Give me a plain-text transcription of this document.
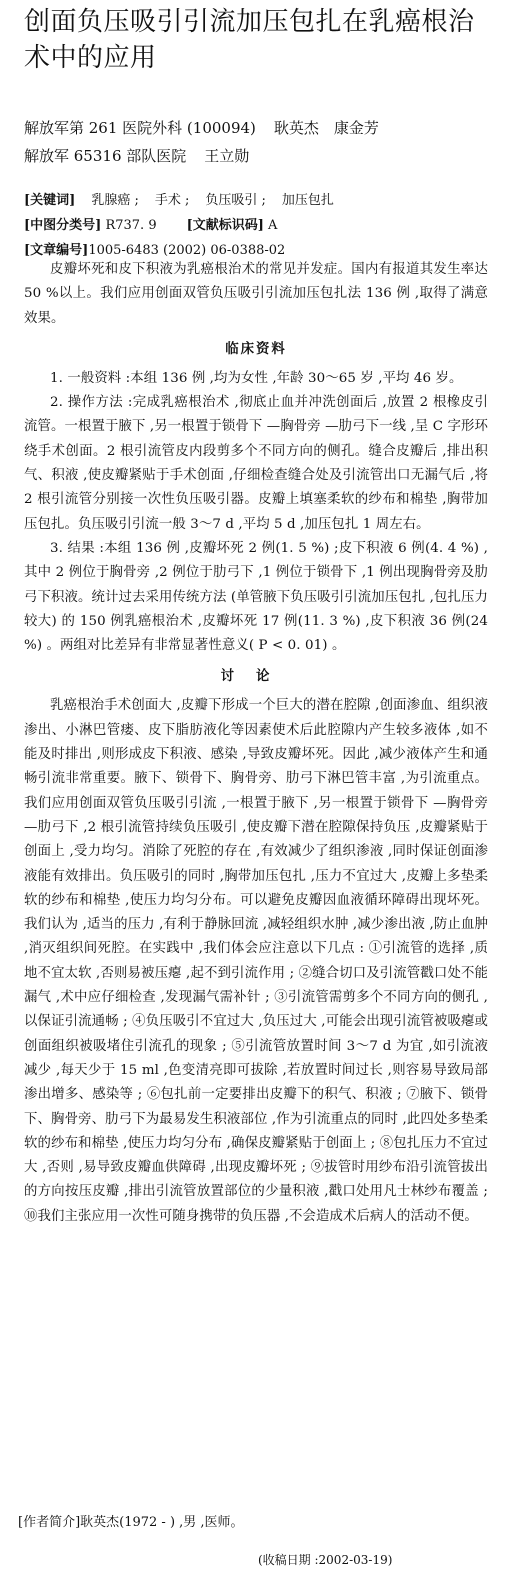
创面负压吸引引流加压包扎在乳癌根治术中的应用
解放军第 261 医院外科 (100094) 耿英杰　康金芳
解放军 65316 部队医院 王立勋
[关键词] 乳腺癌 ; 手术 ; 负压吸引 ; 加压包扎
[中图分类号] R737. 9 [文献标识码] A
[文章编号]1005-6483 (2002) 06-0388-02

皮瓣坏死和皮下积液为乳癌根治术的常见并发症。国内有报道其发生率达 50 %以上。我们应用创面双管负压吸引引流加压包扎法 136 例 ,取得了满意效果。

临床资料

1. 一般资料 :本组 136 例 ,均为女性 ,年龄 30～65 岁 ,平均 46 岁。

2. 操作方法 :完成乳癌根治术 ,彻底止血并冲洗创面后 ,放置 2 根橡皮引流管。一根置于腋下 ,另一根置于锁骨下 —胸骨旁 —肋弓下一线 ,呈 C 字形环绕手术创面。2 根引流管皮内段剪多个不同方向的侧孔。缝合皮瓣后 ,排出积气、积液 ,使皮瓣紧贴于手术创面 ,仔细检查缝合处及引流管出口无漏气后 ,将 2 根引流管分别接一次性负压吸引器。皮瓣上填塞柔软的纱布和棉垫 ,胸带加压包扎。负压吸引引流一般 3～7 d ,平均 5 d ,加压包扎 1 周左右。

3. 结果 :本组 136 例 ,皮瓣坏死 2 例(1. 5 %) ;皮下积液 6 例(4. 4 %) ,其中 2 例位于胸骨旁 ,2 例位于肋弓下 ,1 例位于锁骨下 ,1 例出现胸骨旁及肋弓下积液。统计过去采用传统方法 (单管腋下负压吸引引流加压包扎 ,包扎压力较大) 的 150 例乳癌根治术 ,皮瓣坏死 17 例(11. 3 %) ,皮下积液 36 例(24 %) 。两组对比差异有非常显著性意义( P < 0. 01) 。

讨论

乳癌根治手术创面大 ,皮瓣下形成一个巨大的潜在腔隙 ,创面渗血、组织液渗出、小淋巴管瘘、皮下脂肪液化等因素使术后此腔隙内产生较多液体 ,如不能及时排出 ,则形成皮下积液、感染 ,导致皮瓣坏死。因此 ,减少液体产生和通畅引流非常重要。腋下、锁骨下、胸骨旁、肋弓下淋巴管丰富 ,为引流重点。我们应用创面双管负压吸引引流 ,一根置于腋下 ,另一根置于锁骨下 —胸骨旁 —肋弓下 ,2 根引流管持续负压吸引 ,使皮瓣下潜在腔隙保持负压 ,皮瓣紧贴于创面上 ,受力均匀。消除了死腔的存在 ,有效减少了组织渗液 ,同时保证创面渗液能有效排出。负压吸引的同时 ,胸带加压包扎 ,压力不宜过大 ,皮瓣上多垫柔软的纱布和棉垫 ,使压力均匀分布。可以避免皮瓣因血液循环障碍出现坏死。我们认为 ,适当的压力 ,有利于静脉回流 ,减轻组织水肿 ,减少渗出液 ,防止血肿 ,消灭组织间死腔。在实践中 ,我们体会应注意以下几点 : ①引流管的选择 ,质地不宜太软 ,否则易被压瘪 ,起不到引流作用 ; ②缝合切口及引流管戳口处不能漏气 ,术中应仔细检查 ,发现漏气需补针 ; ③引流管需剪多个不同方向的侧孔 ,以保证引流通畅 ; ④负压吸引不宜过大 ,负压过大 ,可能会出现引流管被吸瘪或创面组织被吸堵住引流孔的现象 ; ⑤引流管放置时间 3～7 d 为宜 ,如引流液减少 ,每天少于 15 ml ,色变清亮即可拔除 ,若放置时间过长 ,则容易导致局部渗出增多、感染等 ; ⑥包扎前一定要排出皮瓣下的积气、积液 ; ⑦腋下、锁骨下、胸骨旁、肋弓下为最易发生积液部位 ,作为引流重点的同时 ,此四处多垫柔软的纱布和棉垫 ,使压力均匀分布 ,确保皮瓣紧贴于创面上 ; ⑧包扎压力不宜过大 ,否则 ,易导致皮瓣血供障碍 ,出现皮瓣坏死 ; ⑨拔管时用纱布沿引流管拔出的方向按压皮瓣 ,排出引流管放置部位的少量积液 ,戳口处用凡士林纱布覆盖 ; ⑩我们主张应用一次性可随身携带的负压器 ,不会造成术后病人的活动不便。

[作者简介]耿英杰(1972 - ) ,男 ,医师。
(收稿日期 :2002-03-19)
